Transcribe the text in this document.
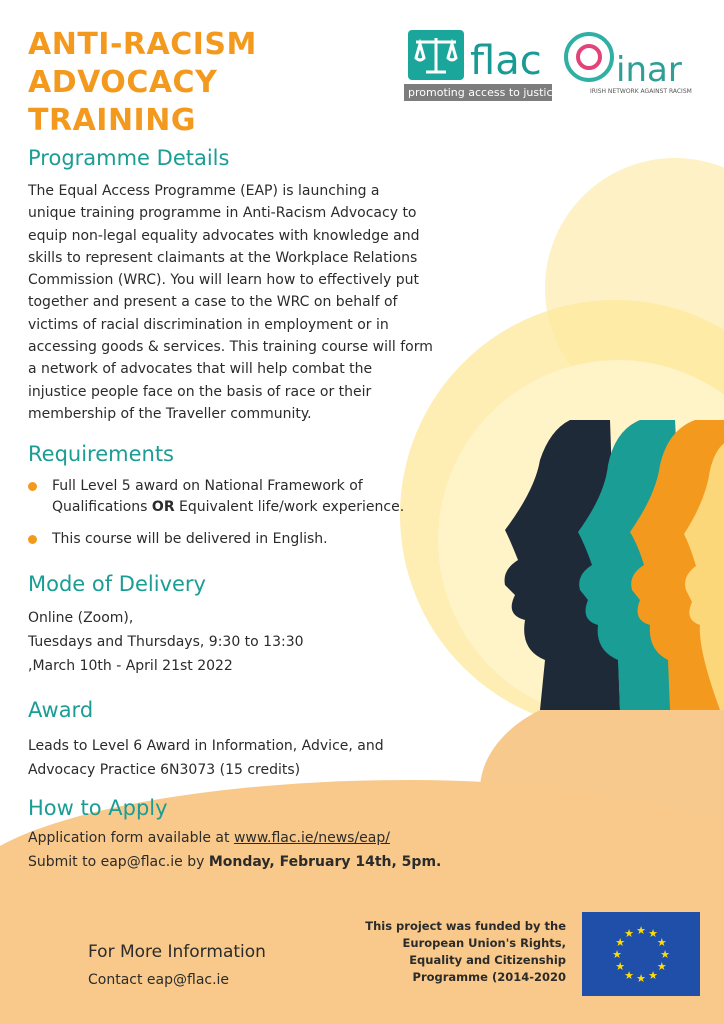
ANTI-RACISM
ADVOCACY
TRAINING
flac
promoting access to justice
inar
IRISH NETWORK AGAINST RACISM
Programme Details
The Equal Access Programme (EAP) is launching a
unique training programme in Anti-Racism Advocacy to
equip non-legal equality advocates with knowledge and
skills to represent claimants at the Workplace Relations
Commission (WRC). You will learn how to effectively put
together and present a case to the WRC on behalf of
victims of racial discrimination in employment or in
accessing goods & services. This training course will form
a network of advocates that will help combat the
injustice people face on the basis of race or their
membership of the Traveller community.
Requirements
Full Level 5 award on National Framework of
Qualifications OR Equivalent life/work experience.
This course will be delivered in English.
Mode of Delivery
Online (Zoom),
Tuesdays and Thursdays, 9:30 to 13:30
,March 10th - April 21st 2022
Award
Leads to Level 6 Award in Information, Advice, and
Advocacy Practice 6N3073 (15 credits)
How to Apply
Application form available at www.flac.ie/news/eap/
Submit to eap@flac.ie by Monday, February 14th, 5pm.
For More Information
Contact eap@flac.ie
This project was funded by the
European Union's Rights,
Equality and Citizenship
Programme (2014-2020
★ ★
★
★
★
★
★
★
★
★
★
★
